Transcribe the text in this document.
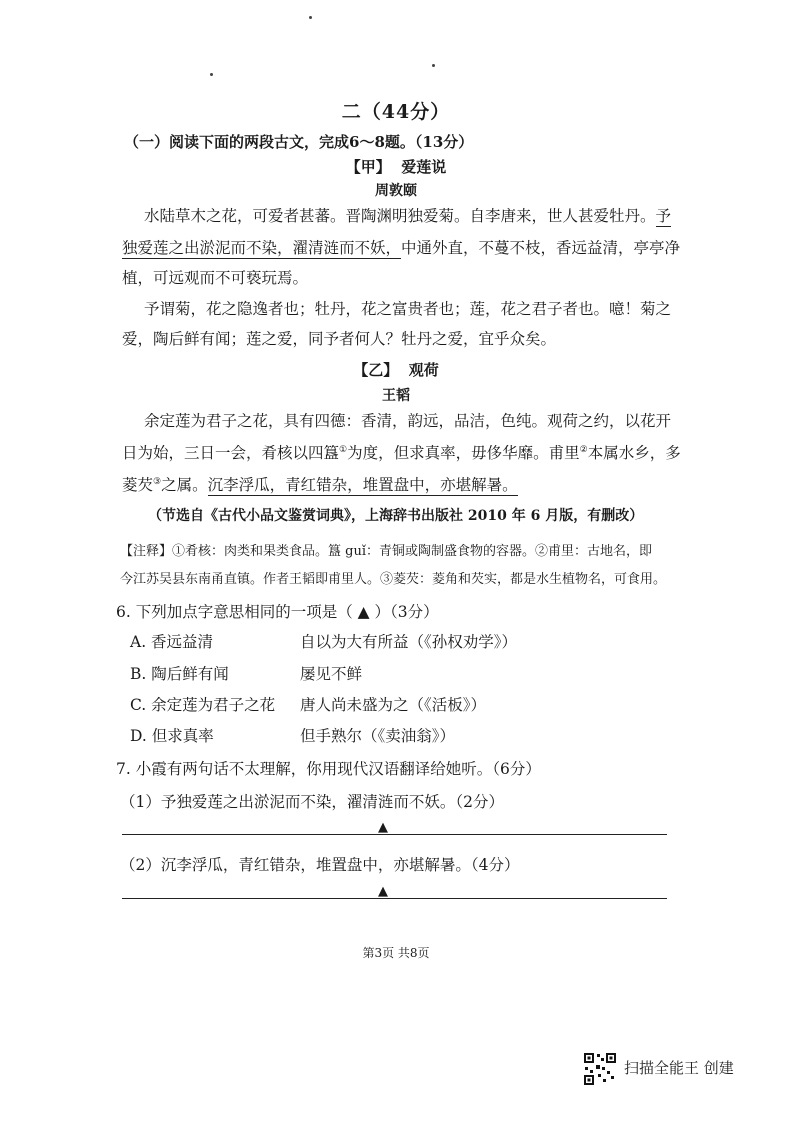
二（44分）
（一）阅读下面的两段古文，完成6～8题。（13分）
【甲】 爱莲说
周敦颐
水陆草木之花，可爱者甚蕃。晋陶渊明独爱菊。自李唐来，世人甚爱牡丹。予
独爱莲之出淤泥而不染，濯清涟而不妖，中通外直，不蔓不枝，香远益清，亭亭净
植，可远观而不可亵玩焉。
予谓菊，花之隐逸者也；牡丹，花之富贵者也；莲，花之君子者也。噫！菊之
爱，陶后鲜有闻；莲之爱，同予者何人？牡丹之爱，宜乎众矣。
【乙】 观荷
王韬
余定莲为君子之花，具有四德：香清，韵远，品洁，色纯。观荷之约，以花开
日为始，三日一会，肴核以四簋①为度，但求真率，毋侈华靡。甫里②本属水乡，多
菱芡③之属。沉李浮瓜，青红错杂，堆置盘中，亦堪解暑。
（节选自《古代小品文鉴赏词典》，上海辞书出版社 2010 年 6 月版，有删改）
【注释】①肴核：肉类和果类食品。簋 guǐ：青铜或陶制盛食物的容器。②甫里：古地名，即
今江苏吴县东南甬直镇。作者王韬即甫里人。③菱芡：菱角和芡实，都是水生植物名，可食用。
6. 下列加点字意思相同的一项是（ ▲ ）（3分）
A. 香远益清	自以为大有所益（《孙权劝学》）
B. 陶后鲜有闻	屡见不鲜
C. 余定莲为君子之花 唐人尚未盛为之（《活板》）
D. 但求真率	但手熟尔（《卖油翁》）
7. 小霞有两句话不太理解，你用现代汉语翻译给她听。（6分）
（1）予独爱莲之出淤泥而不染，濯清涟而不妖。（2分）
▲
（2）沉李浮瓜，青红错杂，堆置盘中，亦堪解暑。（4分）
▲
第3页 共8页
扫描全能王 创建
